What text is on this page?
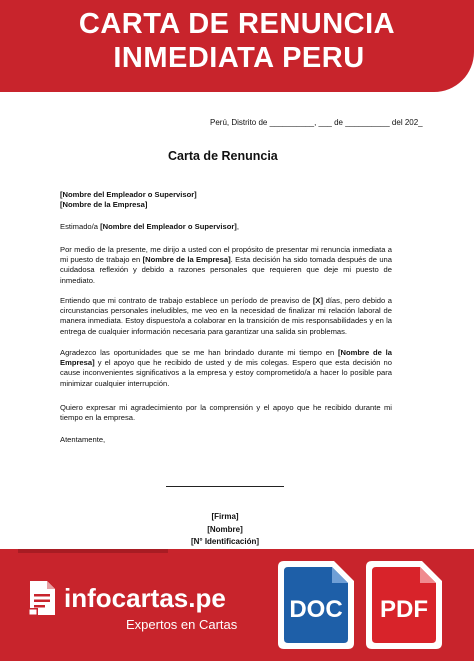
CARTA DE RENUNCIA
INMEDIATA PERU
Perú, Distrito de __________, ___ de __________ del 202_
Carta de Renuncia
[Nombre del Empleador o Supervisor]
[Nombre de la Empresa]
Estimado/a [Nombre del Empleador o Supervisor],
Por medio de la presente, me dirijo a usted con el propósito de presentar mi renuncia inmediata a mi puesto de trabajo en [Nombre de la Empresa]. Esta decisión ha sido tomada después de una cuidadosa reflexión y debido a razones personales que requieren que deje mi puesto de inmediato.
Entiendo que mi contrato de trabajo establece un período de preaviso de [X] días, pero debido a circunstancias personales ineludibles, me veo en la necesidad de finalizar mi relación laboral de manera inmediata. Estoy dispuesto/a a colaborar en la transición de mis responsabilidades y en la entrega de cualquier información necesaria para garantizar una salida sin problemas.
Agradezco las oportunidades que se me han brindado durante mi tiempo en [Nombre de la Empresa] y el apoyo que he recibido de usted y de mis colegas. Espero que esta decisión no cause inconvenientes significativos a la empresa y estoy comprometido/a a hacer lo posible para minimizar cualquier interrupción.
Quiero expresar mi agradecimiento por la comprensión y el apoyo que he recibido durante mi tiempo en la empresa.
Atentamente,
[Firma]
[Nombre]
[N° Identificación]
infocartas.pe
Expertos en Cartas
DOC PDF
